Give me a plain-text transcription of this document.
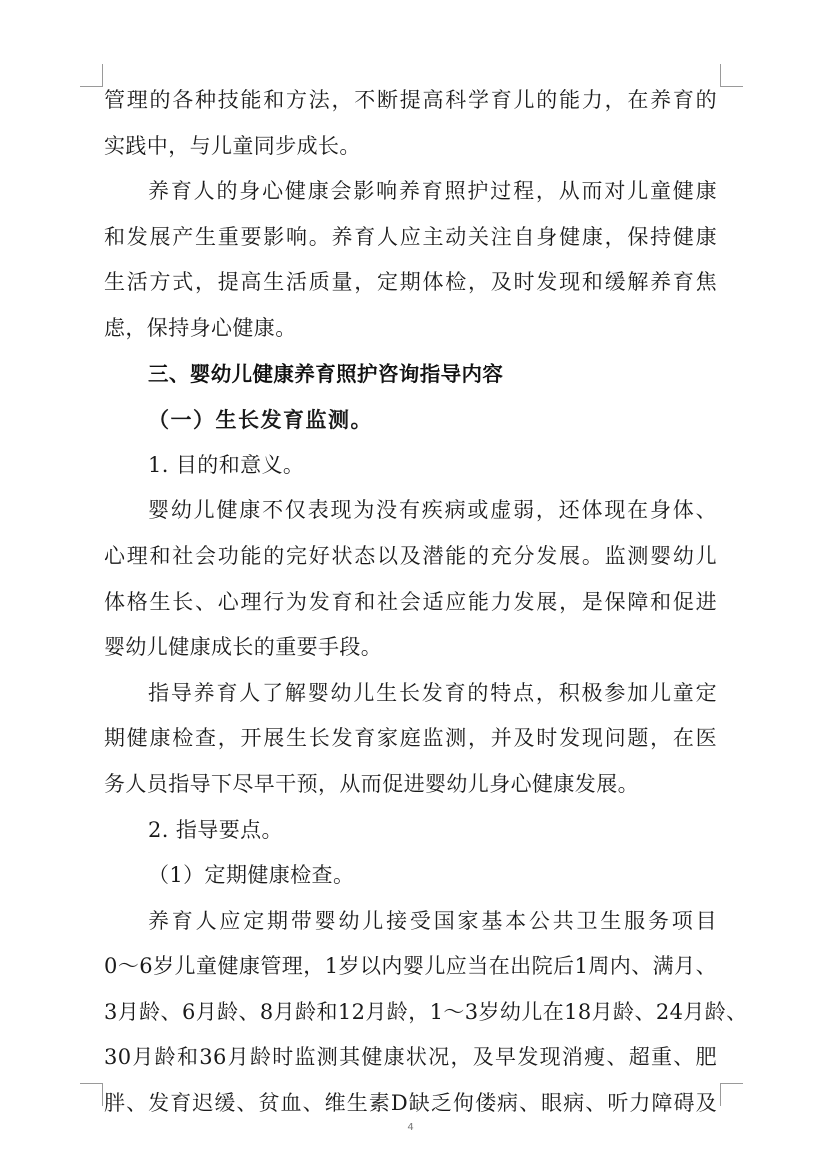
管理的各种技能和方法，不断提高科学育儿的能力，在养育的
实践中，与儿童同步成长。
养育人的身心健康会影响养育照护过程，从而对儿童健康
和发展产生重要影响。养育人应主动关注自身健康，保持健康
生活方式，提高生活质量，定期体检，及时发现和缓解养育焦
虑，保持身心健康。
三、婴幼儿健康养育照护咨询指导内容
（一）生长发育监测。
1. 目的和意义。
婴幼儿健康不仅表现为没有疾病或虚弱，还体现在身体、
心理和社会功能的完好状态以及潜能的充分发展。监测婴幼儿
体格生长、心理行为发育和社会适应能力发展，是保障和促进
婴幼儿健康成长的重要手段。
指导养育人了解婴幼儿生长发育的特点，积极参加儿童定
期健康检查，开展生长发育家庭监测，并及时发现问题，在医
务人员指导下尽早干预，从而促进婴幼儿身心健康发展。
2. 指导要点。
（1）定期健康检查。
养育人应定期带婴幼儿接受国家基本公共卫生服务项目
0～6岁儿童健康管理，1岁以内婴儿应当在出院后1周内、满月、
3月龄、6月龄、8月龄和12月龄，1～3岁幼儿在18月龄、24月龄、
30月龄和36月龄时监测其健康状况，及早发现消瘦、超重、肥
胖、发育迟缓、贫血、维生素D缺乏佝偻病、眼病、听力障碍及
4
